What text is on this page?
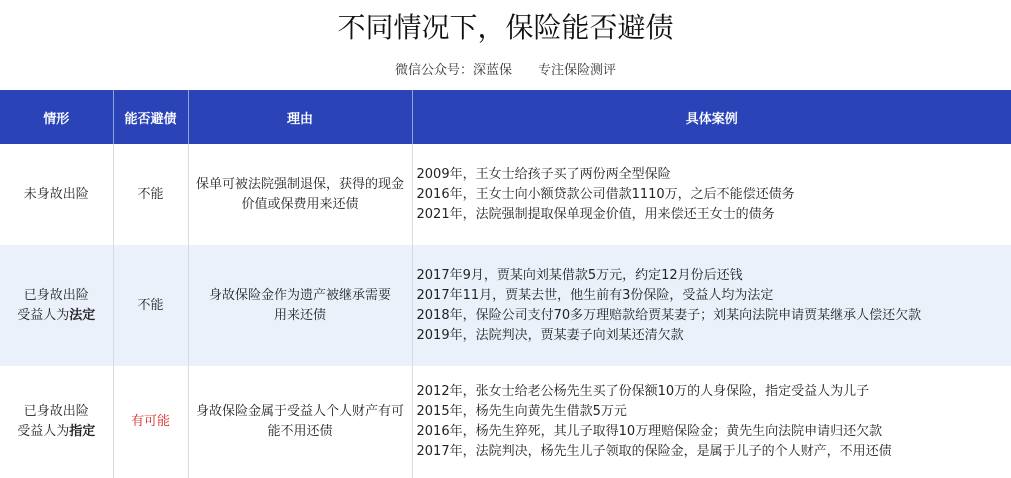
不同情况下，保险能否避债
微信公众号：深蓝保 专注保险测评
情形	能否避债	理由	具体案例
未身故出险	不能	保单可被法院强制退保，获得的现金价值或保费用来还债	2009年，王女士给孩子买了两份两全型保险
2016年，王女士向小额贷款公司借款1110万，之后不能偿还债务
2021年，法院强制提取保单现金价值，用来偿还王女士的债务

已身故出险
受益人为法定	不能	身故保险金作为遗产被继承需要用来还债	2017年9月，贾某向刘某借款5万元，约定12月份后还钱
2017年11月，贾某去世，他生前有3份保险，受益人均为法定
2018年，保险公司支付70多万理赔款给贾某妻子；刘某向法院申请贾某继承人偿还欠款
2019年，法院判决，贾某妻子向刘某还清欠款

已身故出险
受益人为指定	有可能	身故保险金属于受益人个人财产有可能不用还债	2012年，张女士给老公杨先生买了份保额10万的人身保险，指定受益人为儿子
2015年，杨先生向黄先生借款5万元
2016年，杨先生猝死，其儿子取得10万理赔保险金；黄先生向法院申请归还欠款
2017年，法院判决，杨先生儿子领取的保险金，是属于儿子的个人财产，不用还债
